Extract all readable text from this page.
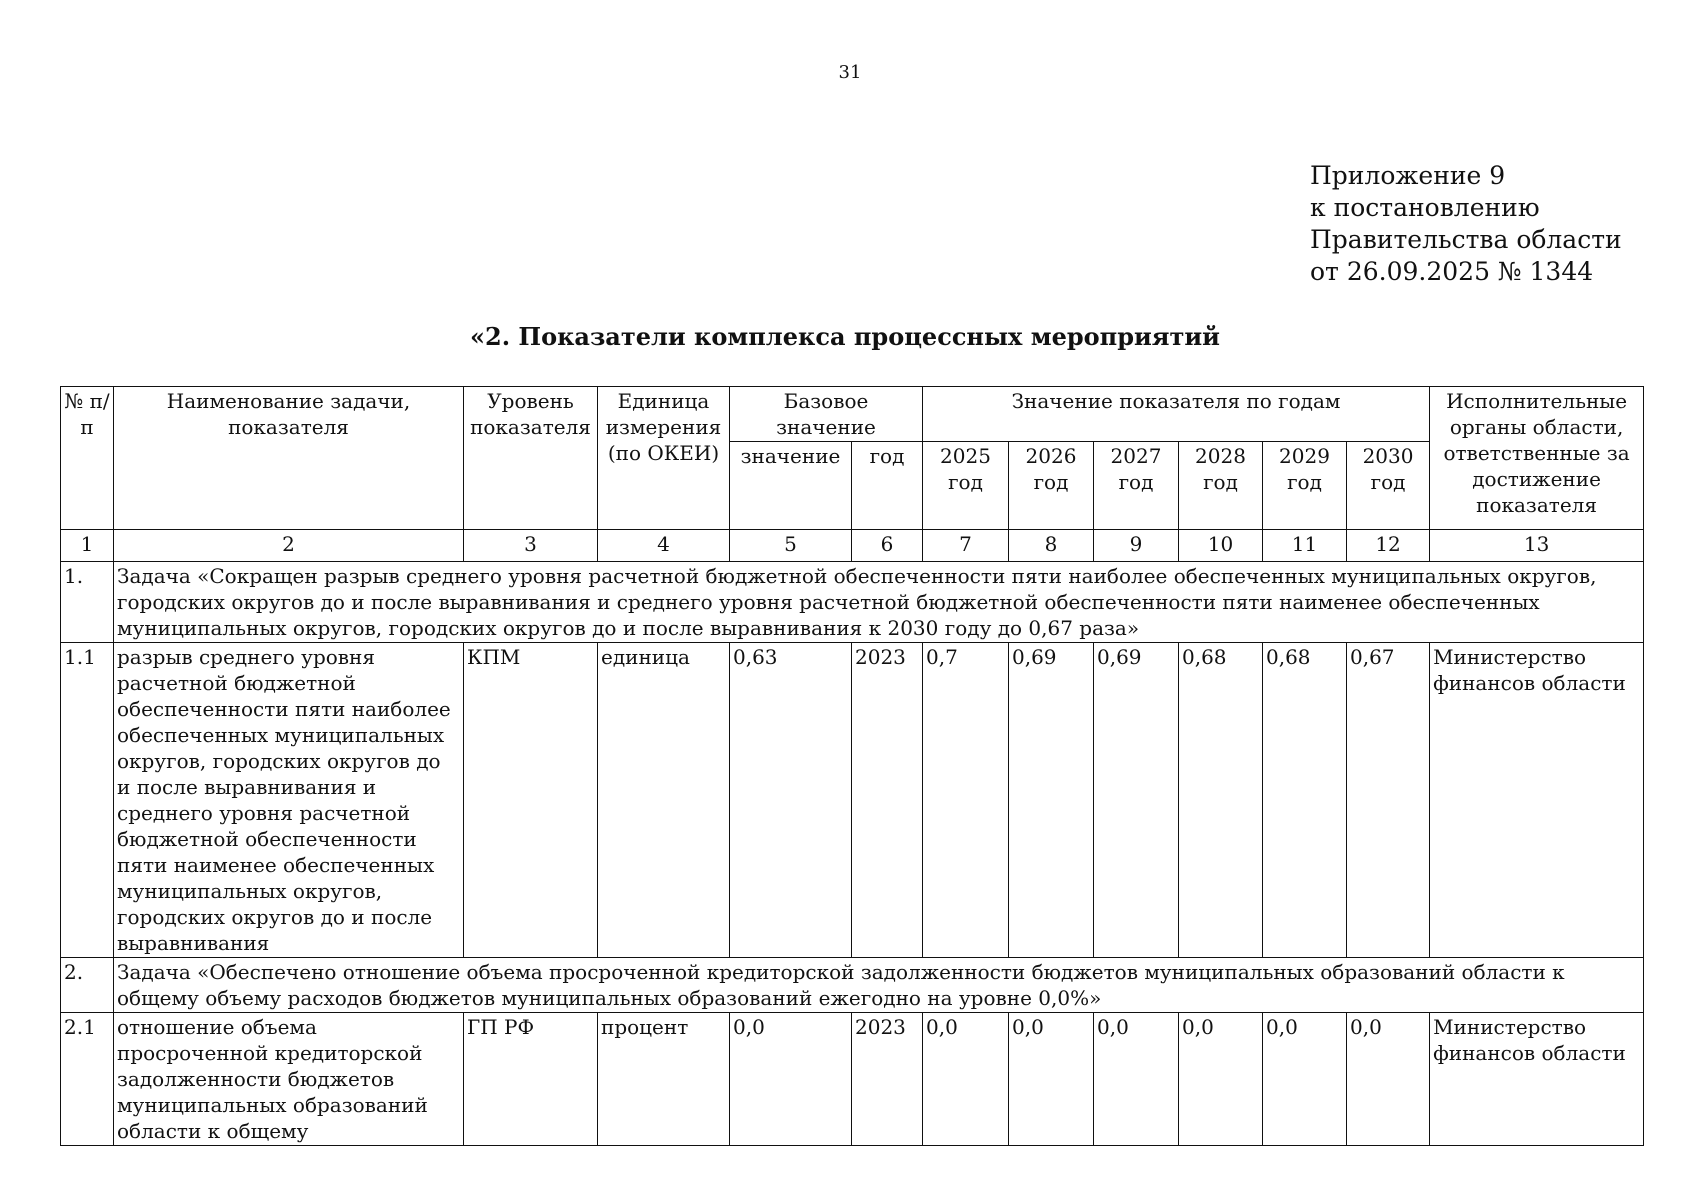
31
Приложение 9
к постановлению
Правительства области
от 26.09.2025 № 1344
«2. Показатели комплекса процессных мероприятий
№ п/п	Наименование задачи, показателя	Уровень показателя	Единица измерения (по ОКЕИ)	Базовое значение		Значение показателя по годам						Исполнительные органы области, ответственные за достижение показателя
				значение	год	2025 год	2026 год	2027 год	2028 год	2029 год	2030 год	

1	2	3	4	5	6	7	8	9	10	11	12	13
1.	Задача «Сокращен разрыв среднего уровня расчетной бюджетной обеспеченности пяти наиболее обеспеченных муниципальных округов, городских округов до и после выравнивания и среднего уровня расчетной бюджетной обеспеченности пяти наименее обеспеченных муниципальных округов, городских округов до и после выравнивания к 2030 году до 0,67 раза»											
1.1	разрыв среднего уровня расчетной бюджетной обеспеченности пяти наиболее обеспеченных муниципальных округов, городских округов до и после выравнивания и среднего уровня расчетной бюджетной обеспеченности пяти наименее обеспеченных муниципальных округов, городских округов до и после выравнивания	КПМ	единица	0,63	2023	0,7	0,69	0,69	0,68	0,68	0,67	Министерство финансов области
2.	Задача «Обеспечено отношение объема просроченной кредиторской задолженности бюджетов муниципальных образований области к общему объему расходов бюджетов муниципальных образований ежегодно на уровне 0,0%»											
2.1	отношение объема просроченной кредиторской задолженности бюджетов муниципальных образований области к общему	ГП РФ	процент	0,0	2023	0,0	0,0	0,0	0,0	0,0	0,0	Министерство финансов области
